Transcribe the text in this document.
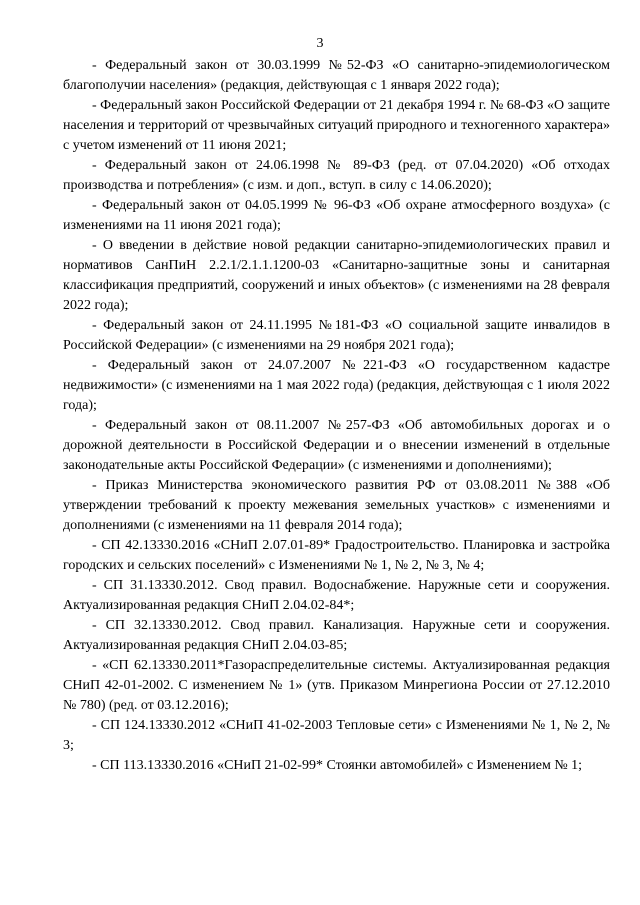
3

- Федеральный закон от 30.03.1999 №52-ФЗ «О санитарно-эпидемиологическом благополучии населения» (редакция, действующая с 1 января 2022 года);

- Федеральный закон Российской Федерации от 21 декабря 1994 г. № 68-ФЗ «О защите населения и территорий от чрезвычайных ситуаций природного и техногенного характера» с учетом изменений от 11 июня 2021;

- Федеральный закон от 24.06.1998 № 89-ФЗ (ред. от 07.04.2020) «Об отходах производства и потребления» (с изм. и доп., вступ. в силу с 14.06.2020);

- Федеральный закон от 04.05.1999 № 96-ФЗ «Об охране атмосферного воздуха» (с изменениями на 11 июня 2021 года);

- О введении в действие новой редакции санитарно-эпидемиологических правил и нормативов СанПиН 2.2.1/2.1.1.1200-03 «Санитарно-защитные зоны и санитарная классификация предприятий, сооружений и иных объектов» (с изменениями на 28 февраля 2022 года);

- Федеральный закон от 24.11.1995 №181-ФЗ «О социальной защите инвалидов в Российской Федерации» (с изменениями на 29 ноября 2021 года);

- Федеральный закон от 24.07.2007 №221-ФЗ «О государственном кадастре недвижимости» (с изменениями на 1 мая 2022 года) (редакция, действующая с 1 июля 2022 года);

- Федеральный закон от 08.11.2007 №257-ФЗ «Об автомобильных дорогах и о дорожной деятельности в Российской Федерации и о внесении изменений в отдельные законодательные акты Российской Федерации» (с изменениями и дополнениями);

- Приказ Министерства экономического развития РФ от 03.08.2011 №388 «Об утверждении требований к проекту межевания земельных участков» с изменениями и дополнениями (с изменениями на 11 февраля 2014 года);

- СП 42.13330.2016 «СНиП 2.07.01-89* Градостроительство. Планировка и застройка городских и сельских поселений» с Изменениями № 1, № 2, № 3, № 4;

- СП 31.13330.2012. Свод правил. Водоснабжение. Наружные сети и сооружения. Актуализированная редакция СНиП 2.04.02-84*;

- СП 32.13330.2012. Свод правил. Канализация. Наружные сети и сооружения. Актуализированная редакция СНиП 2.04.03-85;

- «СП 62.13330.2011*Газораспределительные системы. Актуализированная редакция СНиП 42-01-2002. С изменением № 1» (утв. Приказом Минрегиона России от 27.12.2010 № 780) (ред. от 03.12.2016);

- СП 124.13330.2012 «СНиП 41-02-2003 Тепловые сети» с Изменениями № 1, № 2, № 3;

- СП 113.13330.2016 «СНиП 21-02-99* Стоянки автомобилей» с Изменением № 1;
